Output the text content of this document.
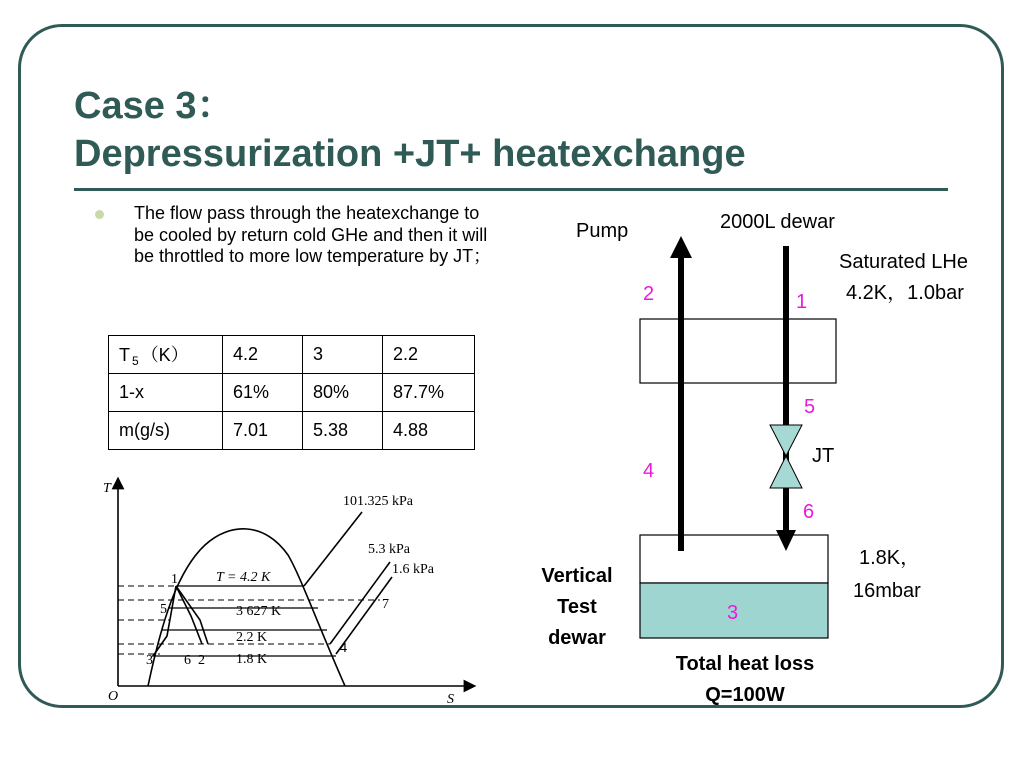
Case 3：
Depressurization +JT+ heatexchange

The flow pass through the heatexchange to be cooled by return cold GHe and then it will be throttled to more low temperature by JT；

T $_5$ （K）	4.2	3	2.2
1-x	61%	80%	87.7%
m(g/s)	7.01	5.38	4.88
T
S
O
101.325 kPa
5.3 kPa
1.6 kPa
T = 4.2 K
3 627 K
2.2 K
1.8 K
1
5
3 6 2
4
7
Pump	2000L dewar
Saturated LHe
4.2K，1.0bar
JT
1.8K，
16mbar
2	1
5
4
6
3
Vertical
Test
dewar
Total heat loss
Q=100W
